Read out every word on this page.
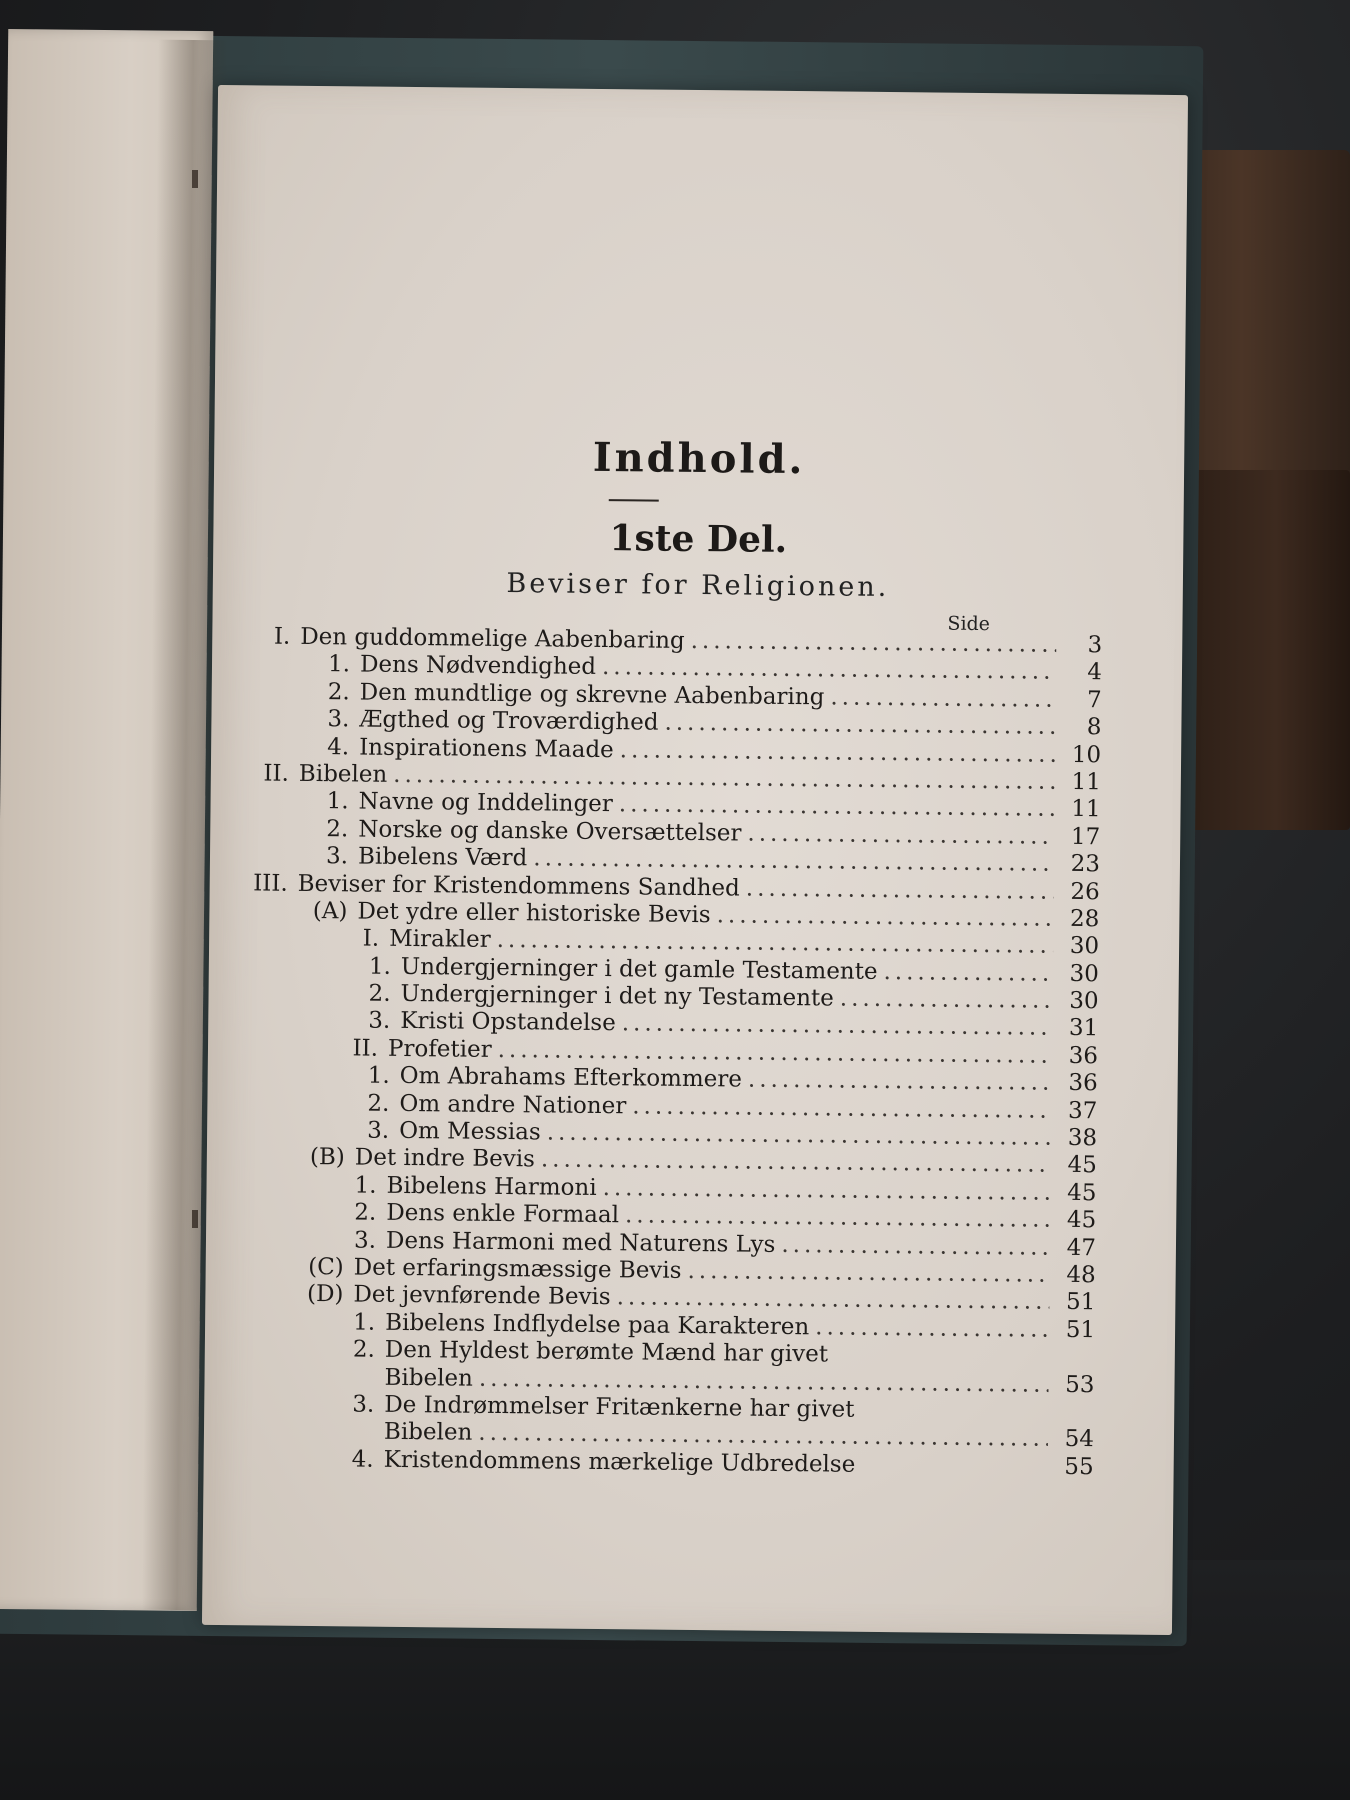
Indhold.
1ste Del.
Beviser for Religionen.
Side
I. Den guddommelige Aabenbaring .....	3
1. Dens Nødvendighed .....	4
2. Den mundtlige og skrevne Aabenbaring .....	7
3. Ægthed og Troværdighed .....	8
4. Inspirationens Maade .....	10
II. Bibelen .....	11
1. Navne og Inddelinger .....	11
2. Norske og danske Oversættelser .....	17
3. Bibelens Værd .....	23
III. Beviser for Kristendommens Sandhed .....	26
(A) Det ydre eller historiske Bevis .....	28
I. Mirakler .....	30
1. Undergjerninger i det gamle Testamente .....	30
2. Undergjerninger i det ny Testamente .....	30
3. Kristi Opstandelse .....	31
II. Profetier .....	36
1. Om Abrahams Efterkommere .....	36
2. Om andre Nationer .....	37
3. Om Messias .....	38
(B) Det indre Bevis .....	45
1. Bibelens Harmoni .....	45
2. Dens enkle Formaal .....	45
3. Dens Harmoni med Naturens Lys .....	47
(C) Det erfaringsmæssige Bevis .....	48
(D) Det jevnførende Bevis .....	51
1. Bibelens Indflydelse paa Karakteren .....	51
2. Den Hyldest berømte Mænd har givet
Bibelen .....	53
3. De Indrømmelser Fritænkerne har givet
Bibelen .....	54
4. Kristendommens mærkelige Udbredelse	55
